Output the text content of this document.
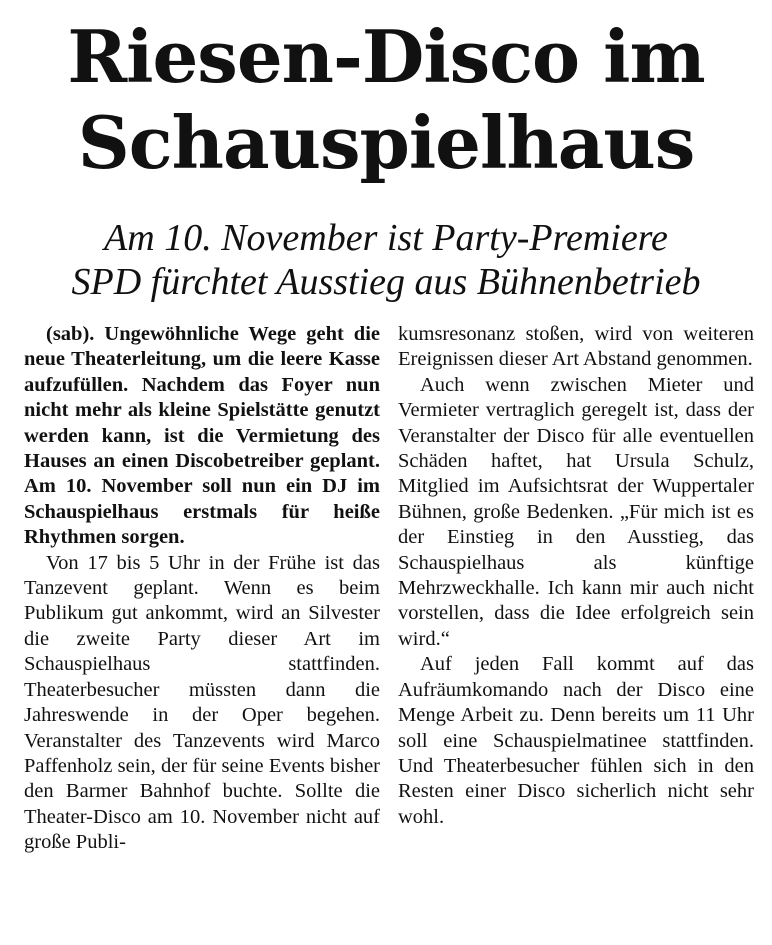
Riesen-Disco im
Schauspielhaus
Am 10. November ist Party-Premiere
SPD fürchtet Ausstieg aus Bühnenbetrieb

(sab). Ungewöhnliche Wege geht die neue Theaterleitung, um die leere Kasse aufzufüllen. Nachdem das Foyer nun nicht mehr als kleine Spielstätte genutzt werden kann, ist die Vermietung des Hauses an einen Discobetreiber geplant. Am 10. November soll nun ein DJ im Schauspielhaus erstmals für heiße Rhythmen sorgen.

Von 17 bis 5 Uhr in der Frühe ist das Tanzevent geplant. Wenn es beim Publikum gut ankommt, wird an Silvester die zweite Party dieser Art im Schauspielhaus stattfinden. Theaterbesucher müssten dann die Jahreswende in der Oper begehen. Veranstalter des Tanzevents wird Marco Paffenholz sein, der für seine Events bisher den Barmer Bahnhof buchte. Sollte die Theater-Disco am 10. November nicht auf große Publi-

kumsresonanz stoßen, wird von weiteren Ereignissen dieser Art Abstand genommen.

Auch wenn zwischen Mieter und Vermieter vertraglich geregelt ist, dass der Veranstalter der Disco für alle eventuellen Schäden haftet, hat Ursula Schulz, Mitglied im Aufsichtsrat der Wuppertaler Bühnen, große Bedenken. „Für mich ist es der Einstieg in den Ausstieg, das Schauspielhaus als künftige Mehrzweckhalle. Ich kann mir auch nicht vorstellen, dass die Idee erfolgreich sein wird.“

Auf jeden Fall kommt auf das Aufräumkomando nach der Disco eine Menge Arbeit zu. Denn bereits um 11 Uhr soll eine Schauspielmatinee stattfinden. Und Theaterbesucher fühlen sich in den Resten einer Disco sicherlich nicht sehr wohl.
